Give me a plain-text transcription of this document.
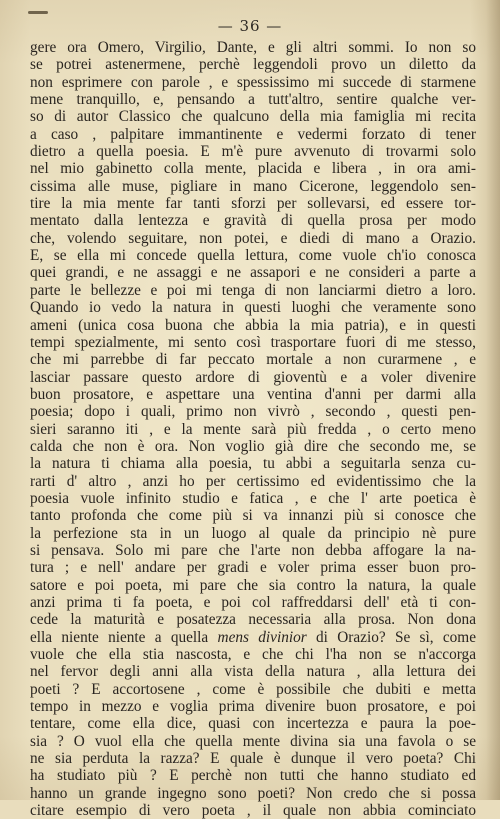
— 36 —
gere ora Omero, Virgilio, Dante, e gli altri sommi. Io non so
se potrei astenermene, perchè leggendoli provo un diletto da
non esprimere con parole , e spessissimo mi succede di starmene
mene tranquillo, e, pensando a tutt'altro, sentire qualche ver-
so di autor Classico che qualcuno della mia famiglia mi recita
a caso , palpitare immantinente e vedermi forzato di tener
dietro a quella poesia. E m'è pure avvenuto di trovarmi solo
nel mio gabinetto colla mente, placida e libera , in ora ami-
cissima alle muse, pigliare in mano Cicerone, leggendolo sen-
tire la mia mente far tanti sforzi per sollevarsi, ed essere tor-
mentato dalla lentezza e gravità di quella prosa per modo
che, volendo seguitare, non potei, e diedi di mano a Orazio.
E, se ella mi concede quella lettura, come vuole ch'io conosca
quei grandi, e ne assaggi e ne assapori e ne consideri a parte a
parte le bellezze e poi mi tenga di non lanciarmi dietro a loro.
Quando io vedo la natura in questi luoghi che veramente sono
ameni (unica cosa buona che abbia la mia patria), e in questi
tempi spezialmente, mi sento così trasportare fuori di me stesso,
che mi parrebbe di far peccato mortale a non curarmene , e
lasciar passare questo ardore di gioventù e a voler divenire
buon prosatore, e aspettare una ventina d'anni per darmi alla
poesia; dopo i quali, primo non vivrò , secondo , questi pen-
sieri saranno iti , e la mente sarà più fredda , o certo meno
calda che non è ora. Non voglio già dire che secondo me, se
la natura ti chiama alla poesia, tu abbi a seguitarla senza cu-
rarti d' altro , anzi ho per certissimo ed evidentissimo che la
poesia vuole infinito studio e fatica , e che l' arte poetica è
tanto profonda che come più si va innanzi più si conosce che
la perfezione sta in un luogo al quale da principio nè pure
si pensava. Solo mi pare che l'arte non debba affogare la na-
tura ; e nell' andare per gradi e voler prima esser buon pro-
satore e poi poeta, mi pare che sia contro la natura, la quale
anzi prima ti fa poeta, e poi col raffreddarsi dell' età ti con-
cede la maturità e posatezza necessaria alla prosa. Non dona
ella niente niente a quella mens divinior di Orazio? Se sì, come
vuole che ella stia nascosta, e che chi l'ha non se n'accorga
nel fervor degli anni alla vista della natura , alla lettura dei
poeti ? E accortosene , come è possibile che dubiti e metta
tempo in mezzo e voglia prima divenire buon prosatore, e poi
tentare, come ella dice, quasi con incertezza e paura la poe-
sia ? O vuol ella che quella mente divina sia una favola o se
ne sia perduta la razza? E quale è dunque il vero poeta? Chi
ha studiato più ? E perchè non tutti che hanno studiato ed
hanno un grande ingegno sono poeti? Non credo che si possa
citare esempio di vero poeta , il quale non abbia cominciato
